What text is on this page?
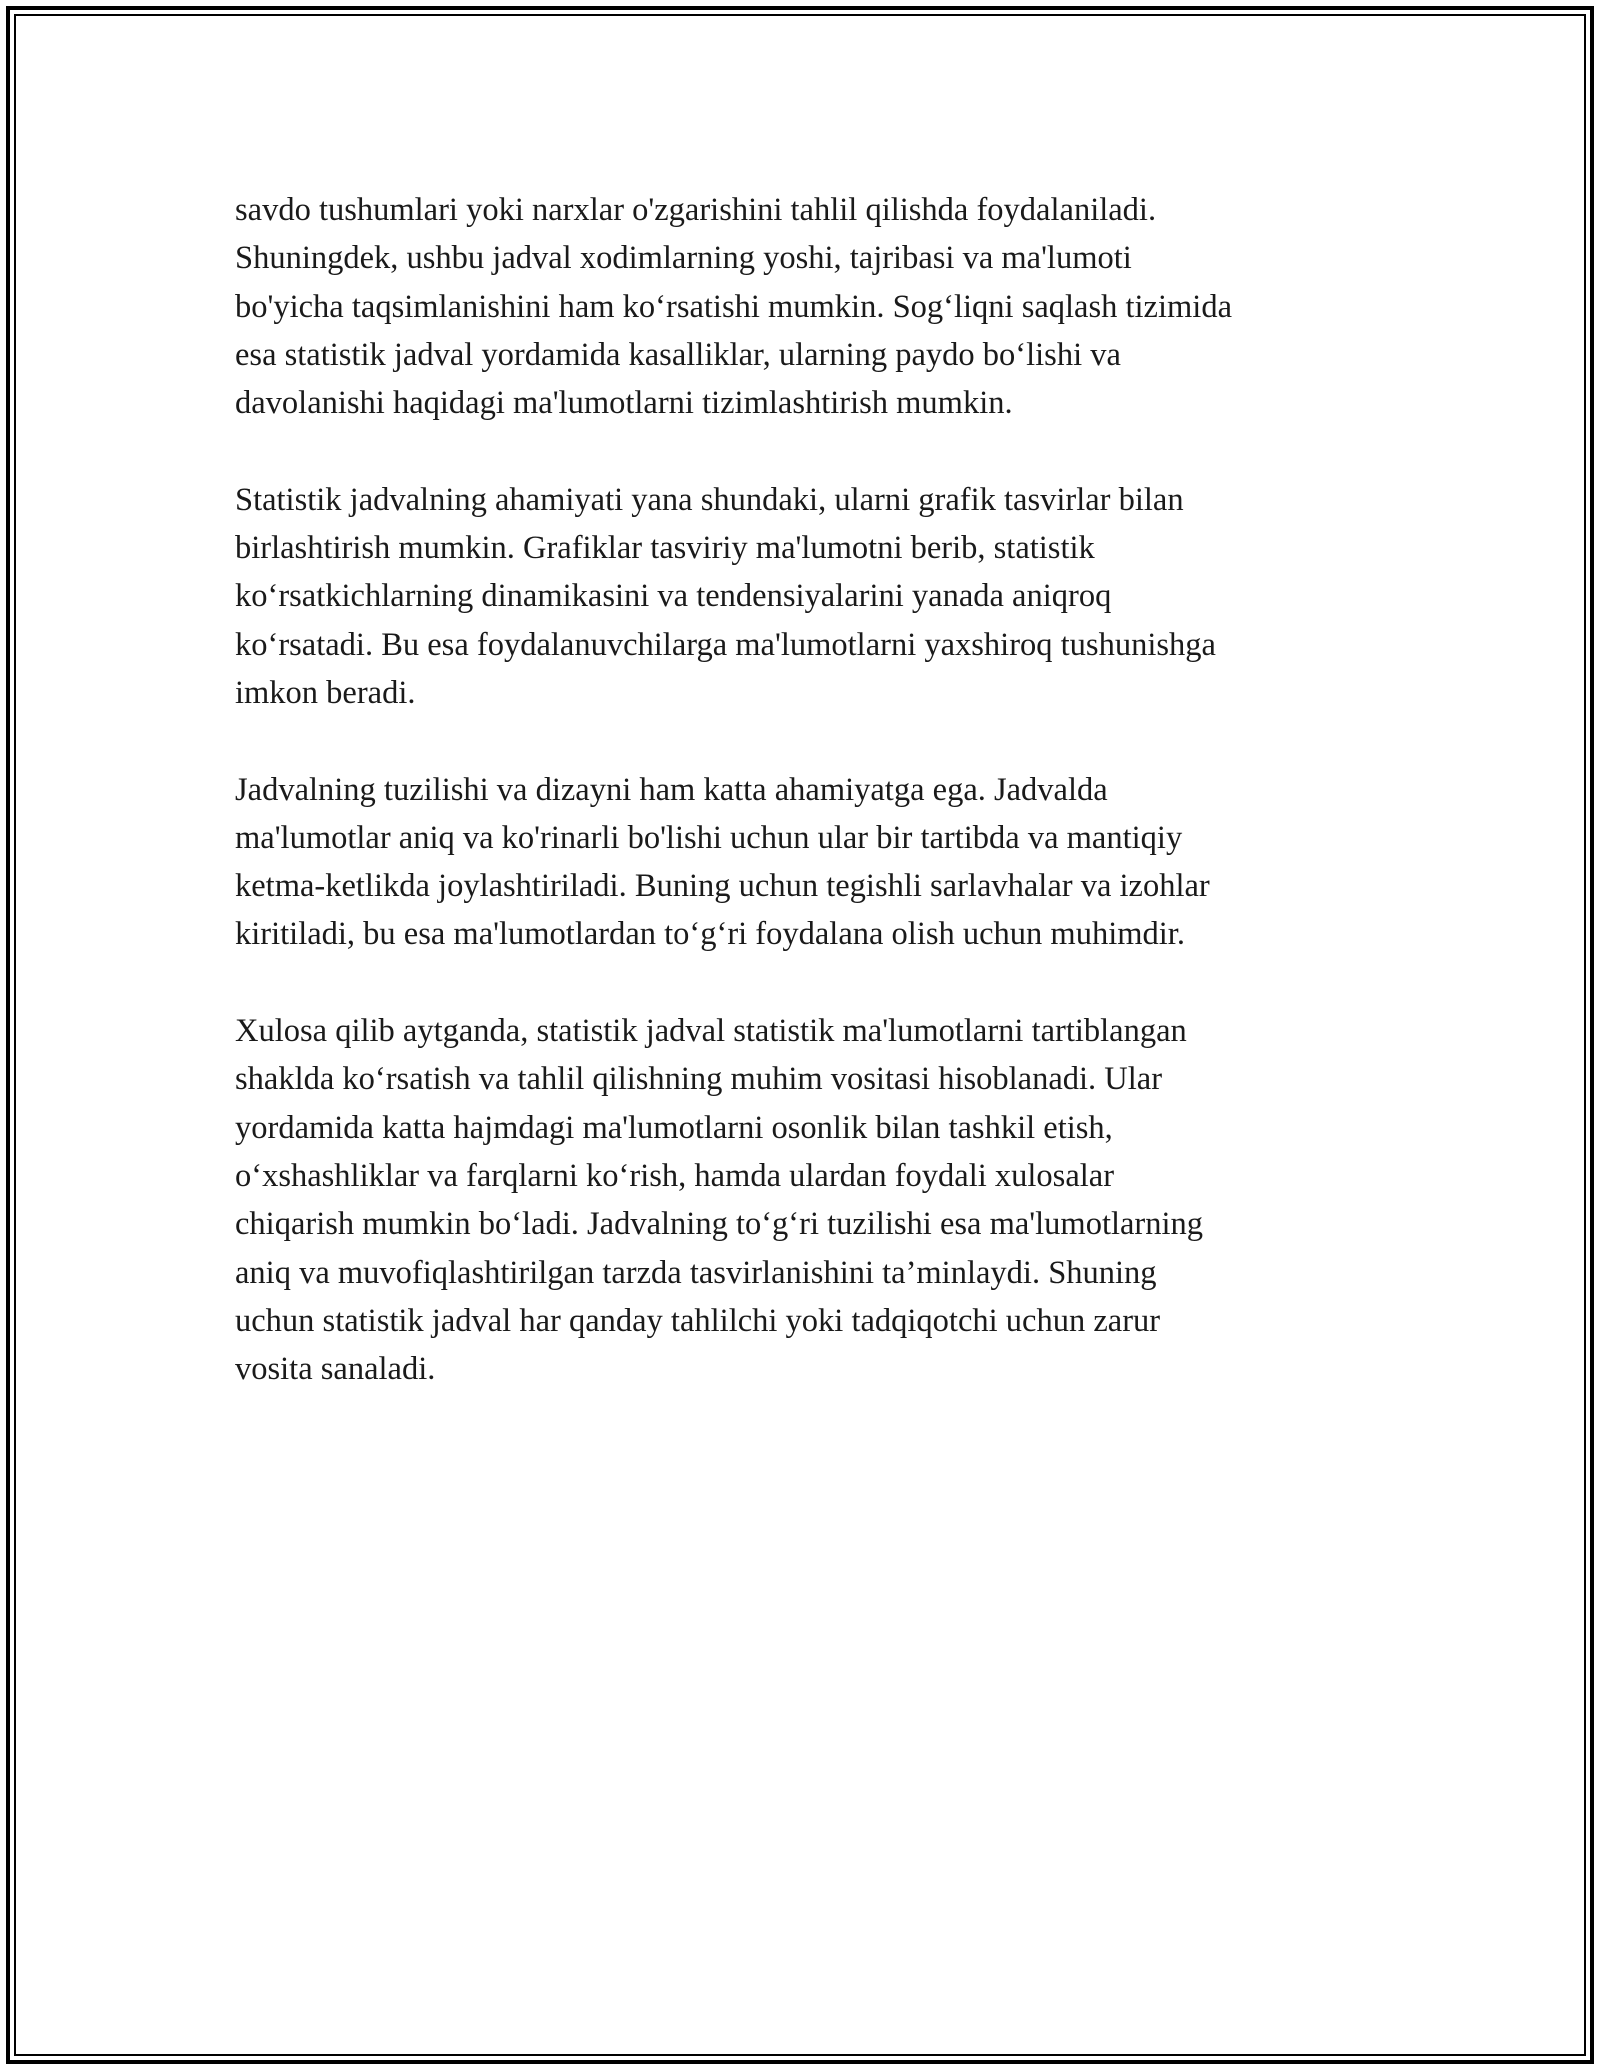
savdo tushumlari yoki narxlar o'zgarishini tahlil qilishda foydalaniladi.
Shuningdek, ushbu jadval xodimlarning yoshi, tajribasi va ma'lumoti
bo'yicha taqsimlanishini ham ko‘rsatishi mumkin. Sog‘liqni saqlash tizimida
esa statistik jadval yordamida kasalliklar, ularning paydo bo‘lishi va
davolanishi haqidagi ma'lumotlarni tizimlashtirish mumkin.

Statistik jadvalning ahamiyati yana shundaki, ularni grafik tasvirlar bilan
birlashtirish mumkin. Grafiklar tasviriy ma'lumotni berib, statistik
ko‘rsatkichlarning dinamikasini va tendensiyalarini yanada aniqroq
ko‘rsatadi. Bu esa foydalanuvchilarga ma'lumotlarni yaxshiroq tushunishga
imkon beradi.

Jadvalning tuzilishi va dizayni ham katta ahamiyatga ega. Jadvalda
ma'lumotlar aniq va ko'rinarli bo'lishi uchun ular bir tartibda va mantiqiy
ketma-ketlikda joylashtiriladi. Buning uchun tegishli sarlavhalar va izohlar
kiritiladi, bu esa ma'lumotlardan to‘g‘ri foydalana olish uchun muhimdir.

Xulosa qilib aytganda, statistik jadval statistik ma'lumotlarni tartiblangan
shaklda ko‘rsatish va tahlil qilishning muhim vositasi hisoblanadi. Ular
yordamida katta hajmdagi ma'lumotlarni osonlik bilan tashkil etish,
o‘xshashliklar va farqlarni ko‘rish, hamda ulardan foydali xulosalar
chiqarish mumkin bo‘ladi. Jadvalning to‘g‘ri tuzilishi esa ma'lumotlarning
aniq va muvofiqlashtirilgan tarzda tasvirlanishini ta’minlaydi. Shuning
uchun statistik jadval har qanday tahlilchi yoki tadqiqotchi uchun zarur
vosita sanaladi.
